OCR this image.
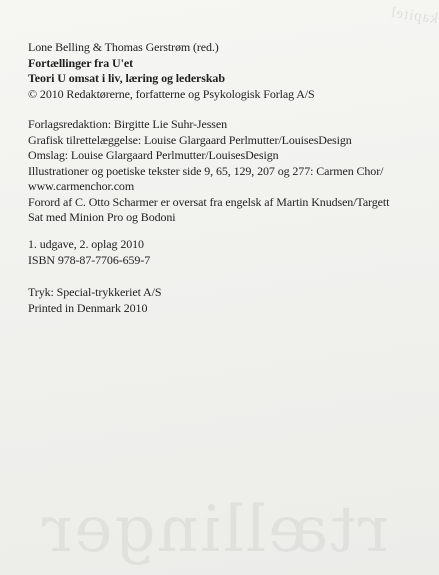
kapitel
rtællinger
Lone Belling & Thomas Gerstrøm (red.)
Fortællinger fra U'et
Teori U omsat i liv, læring og lederskab
© 2010 Redaktørerne, forfatterne og Psykologisk Forlag A/S
Forlagsredaktion: Birgitte Lie Suhr-Jessen
Grafisk tilrettelæggelse: Louise Glargaard Perlmutter/LouisesDesign
Omslag: Louise Glargaard Perlmutter/LouisesDesign
Illustrationer og poetiske tekster side 9, 65, 129, 207 og 277: Carmen Chor/
www.carmenchor.com
Forord af C. Otto Scharmer er oversat fra engelsk af Martin Knudsen/Targett
Sat med Minion Pro og Bodoni
1. udgave, 2. oplag 2010
ISBN 978-87-7706-659-7
Tryk: Special-trykkeriet A/S
Printed in Denmark 2010
